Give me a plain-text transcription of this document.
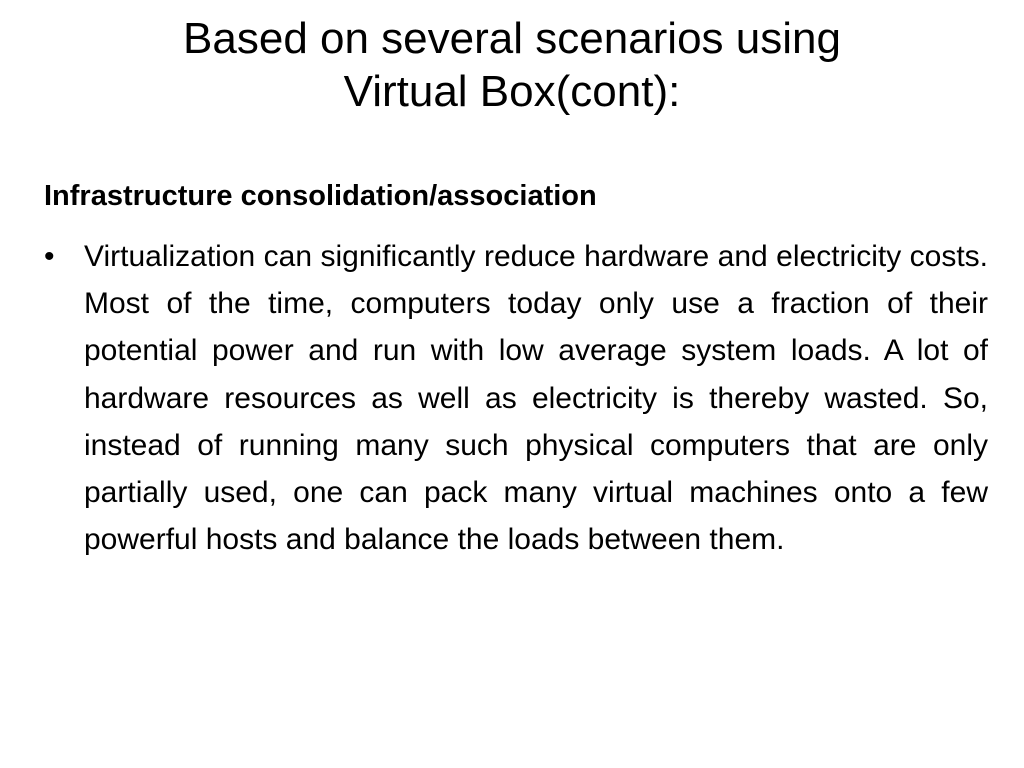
Based on several scenarios using
Virtual Box(cont):

Infrastructure consolidation/association

• Virtualization can significantly reduce hardware and electricity costs. Most of the time, computers today only use a fraction of their potential power and run with low average system loads. A lot of hardware resources as well as electricity is thereby wasted. So, instead of running many such physical computers that are only partially used, one can pack many virtual machines onto a few powerful hosts and balance the loads between them.
